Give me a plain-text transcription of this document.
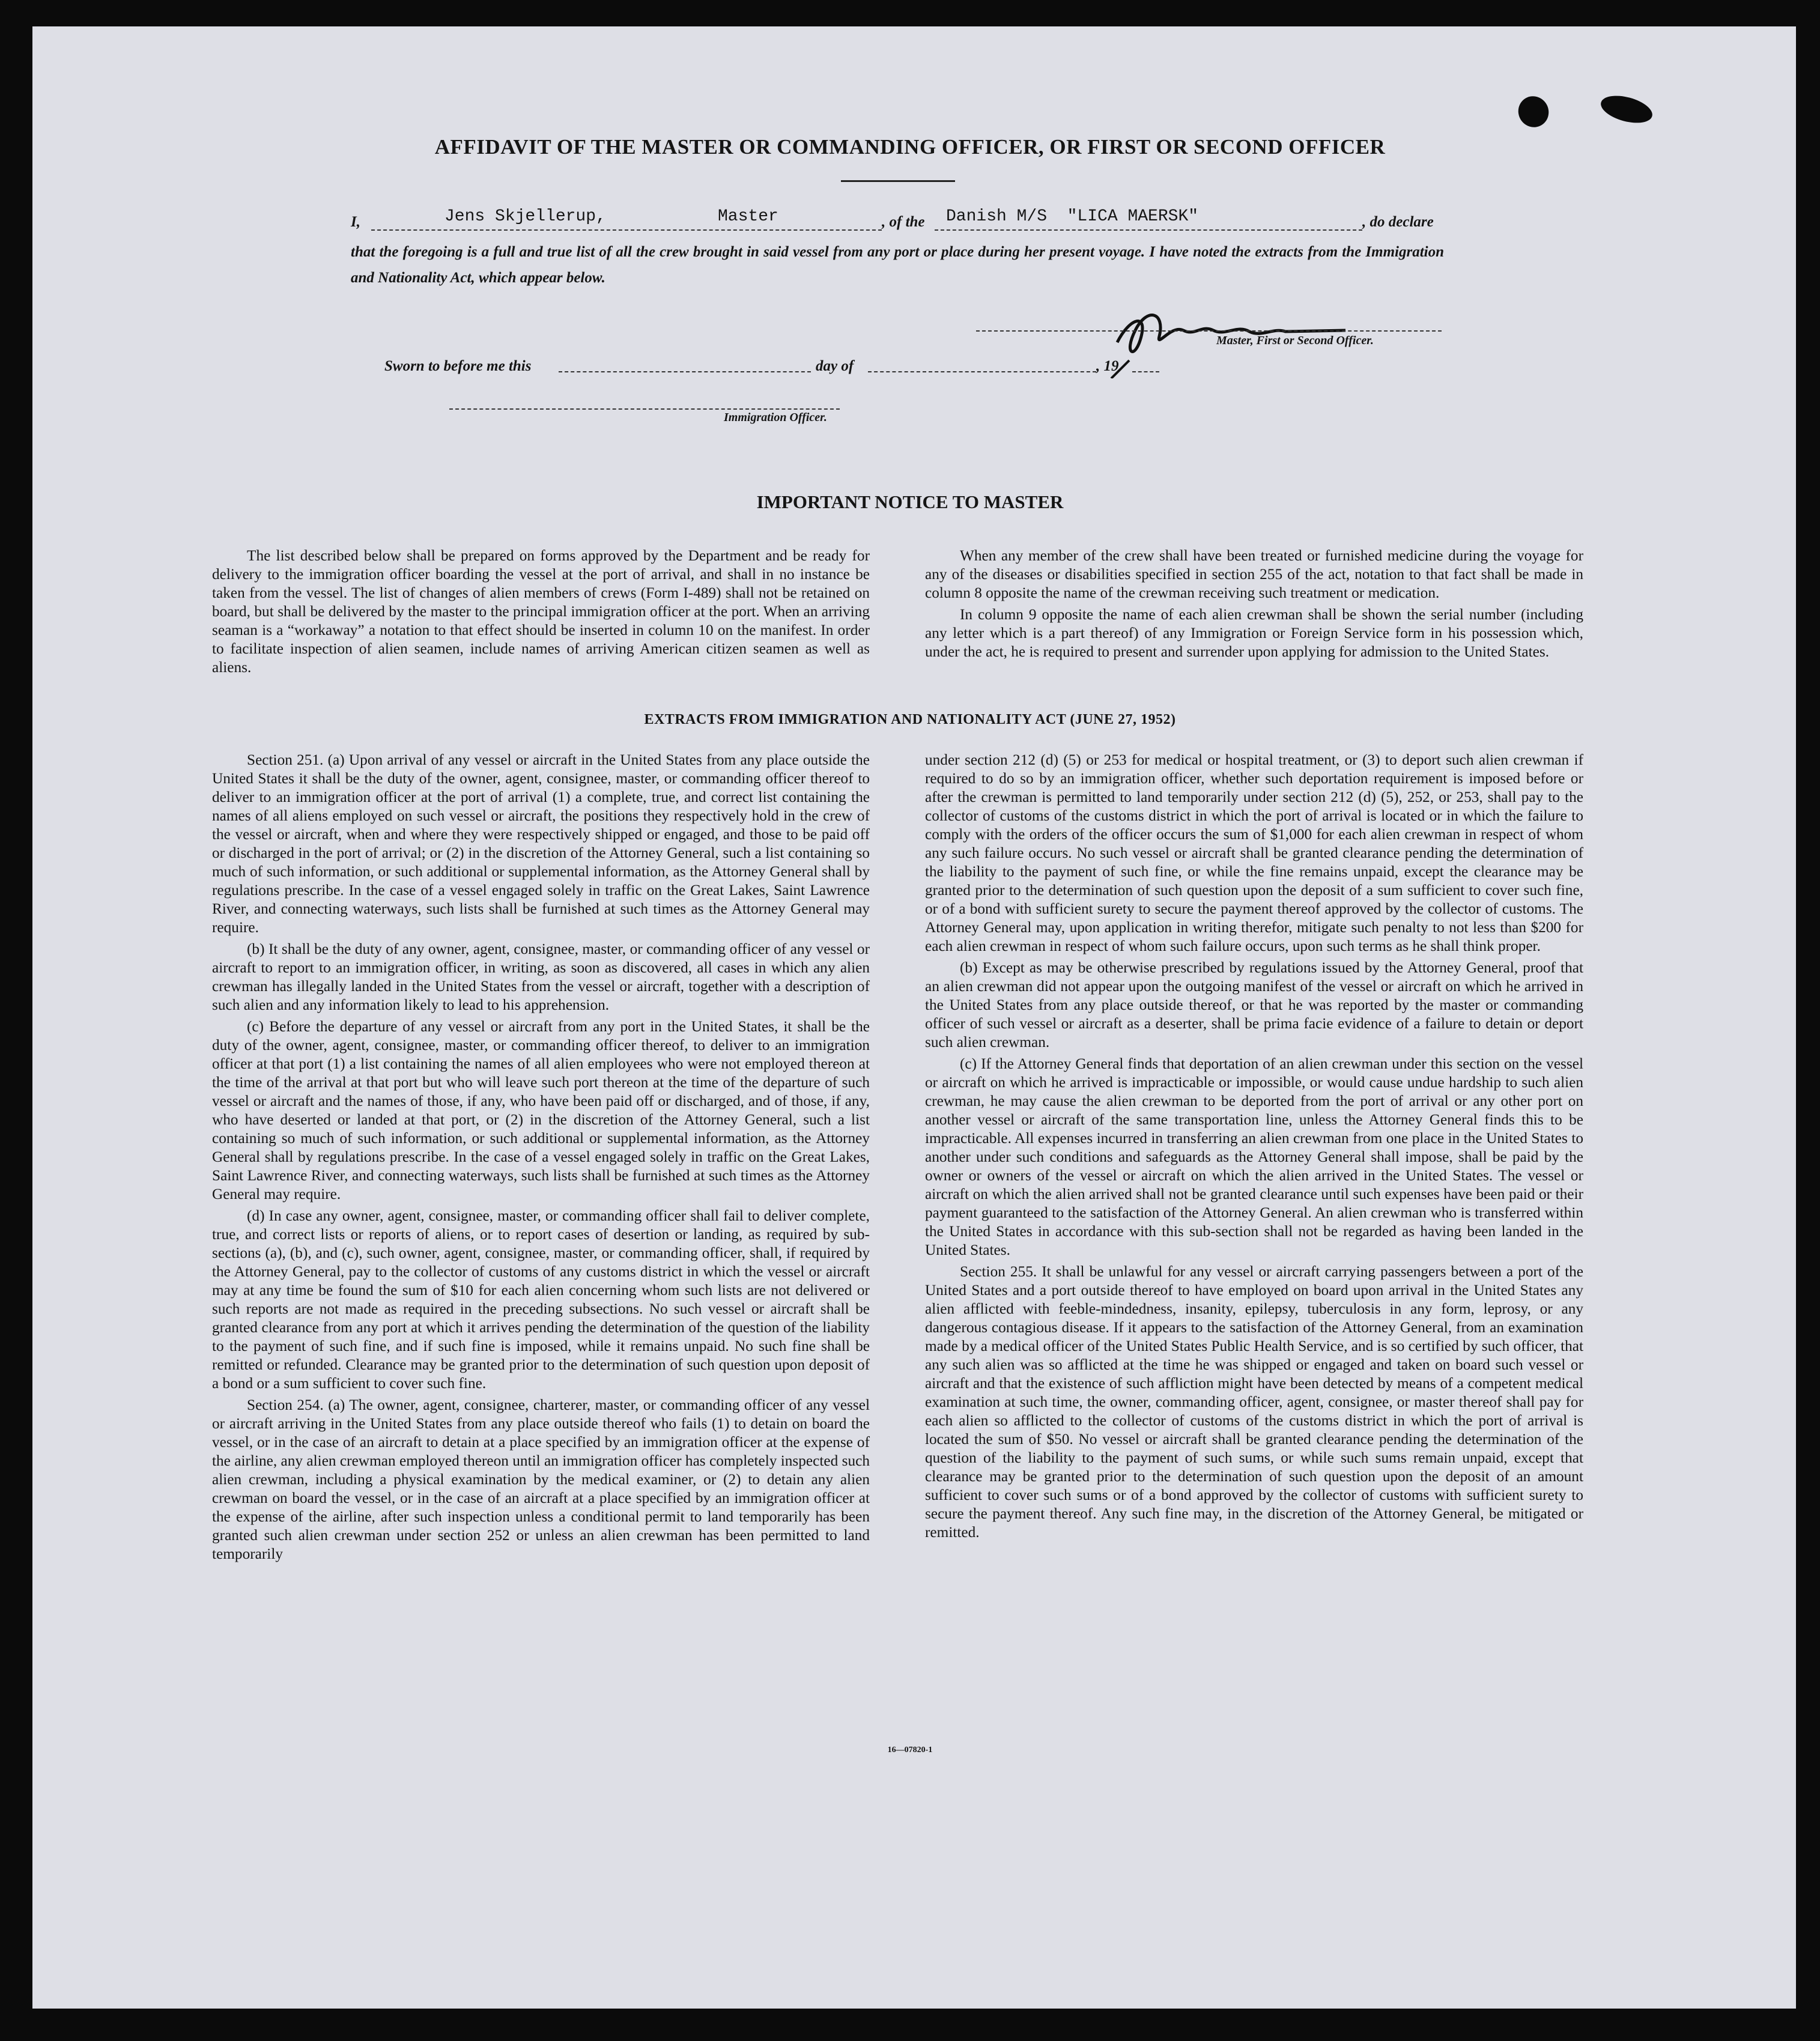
AFFIDAVIT OF THE MASTER OR COMMANDING OFFICER, OR FIRST OR SECOND OFFICER
I,	Jens Skjellerup,	Master	, of the Danish M/S  "LICA MAERSK"	, do declare
that the foregoing is a full and true list of all the crew brought in said vessel from any port or place during her present voyage. I have noted the extracts from the Immigration and Nationality Act, which appear below.
Master, First or Second Officer.
Sworn to before me this	day of	, 19
Immigration Officer.
IMPORTANT NOTICE TO MASTER

The list described below shall be prepared on forms approved by the Department and be ready for delivery to the immigration officer boarding the vessel at the port of arrival, and shall in no instance be taken from the vessel. The list of changes of alien members of crews (Form I-489) shall not be retained on board, but shall be delivered by the master to the principal immigration officer at the port. When an arriving seaman is a “workaway” a notation to that effect should be inserted in column 10 on the manifest. In order to facilitate inspection of alien seamen, include names of arriving American citizen seamen as well as aliens.

When any member of the crew shall have been treated or furnished medicine during the voyage for any of the diseases or disabilities specified in section 255 of the act, notation to that fact shall be made in column 8 opposite the name of the crewman receiving such treatment or medication.

In column 9 opposite the name of each alien crewman shall be shown the serial number (including any letter which is a part thereof) of any Immigration or Foreign Service form in his possession which, under the act, he is required to present and surrender upon applying for admission to the United States.

EXTRACTS FROM IMMIGRATION AND NATIONALITY ACT (JUNE 27, 1952)

Section 251. (a) Upon arrival of any vessel or aircraft in the United States from any place outside the United States it shall be the duty of the owner, agent, consignee, master, or commanding officer thereof to deliver to an immigration officer at the port of arrival (1) a complete, true, and correct list containing the names of all aliens employed on such vessel or aircraft, the positions they respectively hold in the crew of the vessel or aircraft, when and where they were respectively shipped or engaged, and those to be paid off or discharged in the port of arrival; or (2) in the discretion of the Attorney General, such a list containing so much of such information, or such additional or supplemental information, as the Attorney General shall by regulations prescribe. In the case of a vessel engaged solely in traffic on the Great Lakes, Saint Lawrence River, and connecting waterways, such lists shall be furnished at such times as the Attorney General may require.

(b) It shall be the duty of any owner, agent, consignee, master, or commanding officer of any vessel or aircraft to report to an immigration officer, in writing, as soon as discovered, all cases in which any alien crewman has illegally landed in the United States from the vessel or aircraft, together with a description of such alien and any information likely to lead to his apprehension.

(c) Before the departure of any vessel or aircraft from any port in the United States, it shall be the duty of the owner, agent, consignee, master, or commanding officer thereof, to deliver to an immigration officer at that port (1) a list containing the names of all alien employees who were not employed thereon at the time of the arrival at that port but who will leave such port thereon at the time of the departure of such vessel or aircraft and the names of those, if any, who have been paid off or discharged, and of those, if any, who have deserted or landed at that port, or (2) in the discretion of the Attorney General, such a list containing so much of such information, or such additional or supplemental information, as the Attorney General shall by regulations prescribe. In the case of a vessel engaged solely in traffic on the Great Lakes, Saint Lawrence River, and connecting waterways, such lists shall be furnished at such times as the Attorney General may require.

(d) In case any owner, agent, consignee, master, or commanding officer shall fail to deliver complete, true, and correct lists or reports of aliens, or to report cases of desertion or landing, as required by sub-sections (a), (b), and (c), such owner, agent, consignee, master, or commanding officer, shall, if required by the Attorney General, pay to the collector of customs of any customs district in which the vessel or aircraft may at any time be found the sum of $10 for each alien concerning whom such lists are not delivered or such reports are not made as required in the preceding subsections. No such vessel or aircraft shall be granted clearance from any port at which it arrives pending the determination of the question of the liability to the payment of such fine, and if such fine is imposed, while it remains unpaid. No such fine shall be remitted or refunded. Clearance may be granted prior to the determination of such question upon deposit of a bond or a sum sufficient to cover such fine.

Section 254. (a) The owner, agent, consignee, charterer, master, or commanding officer of any vessel or aircraft arriving in the United States from any place outside thereof who fails (1) to detain on board the vessel, or in the case of an aircraft to detain at a place specified by an immigration officer at the expense of the airline, any alien crewman employed thereon until an immigration officer has completely inspected such alien crewman, including a physical examination by the medical examiner, or (2) to detain any alien crewman on board the vessel, or in the case of an aircraft at a place specified by an immigration officer at the expense of the airline, after such inspection unless a conditional permit to land temporarily has been granted such alien crewman under section 252 or unless an alien crewman has been permitted to land temporarily

under section 212 (d) (5) or 253 for medical or hospital treatment, or (3) to deport such alien crewman if required to do so by an immigration officer, whether such deportation requirement is imposed before or after the crewman is permitted to land temporarily under section 212 (d) (5), 252, or 253, shall pay to the collector of customs of the customs district in which the port of arrival is located or in which the failure to comply with the orders of the officer occurs the sum of $1,000 for each alien crewman in respect of whom any such failure occurs. No such vessel or aircraft shall be granted clearance pending the determination of the liability to the payment of such fine, or while the fine remains unpaid, except the clearance may be granted prior to the determination of such question upon the deposit of a sum sufficient to cover such fine, or of a bond with sufficient surety to secure the payment thereof approved by the collector of customs. The Attorney General may, upon application in writing therefor, mitigate such penalty to not less than $200 for each alien crewman in respect of whom such failure occurs, upon such terms as he shall think proper.

(b) Except as may be otherwise prescribed by regulations issued by the Attorney General, proof that an alien crewman did not appear upon the outgoing manifest of the vessel or aircraft on which he arrived in the United States from any place outside thereof, or that he was reported by the master or commanding officer of such vessel or aircraft as a deserter, shall be prima facie evidence of a failure to detain or deport such alien crewman.

(c) If the Attorney General finds that deportation of an alien crewman under this section on the vessel or aircraft on which he arrived is impracticable or impossible, or would cause undue hardship to such alien crewman, he may cause the alien crewman to be deported from the port of arrival or any other port on another vessel or aircraft of the same transportation line, unless the Attorney General finds this to be impracticable. All expenses incurred in transferring an alien crewman from one place in the United States to another under such conditions and safeguards as the Attorney General shall impose, shall be paid by the owner or owners of the vessel or aircraft on which the alien arrived in the United States. The vessel or aircraft on which the alien arrived shall not be granted clearance until such expenses have been paid or their payment guaranteed to the satisfaction of the Attorney General. An alien crewman who is transferred within the United States in accordance with this sub-section shall not be regarded as having been landed in the United States.

Section 255. It shall be unlawful for any vessel or aircraft carrying passengers between a port of the United States and a port outside thereof to have employed on board upon arrival in the United States any alien afflicted with feeble-mindedness, insanity, epilepsy, tuberculosis in any form, leprosy, or any dangerous contagious disease. If it appears to the satisfaction of the Attorney General, from an examination made by a medical officer of the United States Public Health Service, and is so certified by such officer, that any such alien was so afflicted at the time he was shipped or engaged and taken on board such vessel or aircraft and that the existence of such affliction might have been detected by means of a competent medical examination at such time, the owner, commanding officer, agent, consignee, or master thereof shall pay for each alien so afflicted to the collector of customs of the customs district in which the port of arrival is located the sum of $50. No vessel or aircraft shall be granted clearance pending the determination of the question of the liability to the payment of such sums, or while such sums remain unpaid, except that clearance may be granted prior to the determination of such question upon the deposit of an amount sufficient to cover such sums or of a bond approved by the collector of customs with sufficient surety to secure the payment thereof. Any such fine may, in the discretion of the Attorney General, be mitigated or remitted.

16—07820-1
